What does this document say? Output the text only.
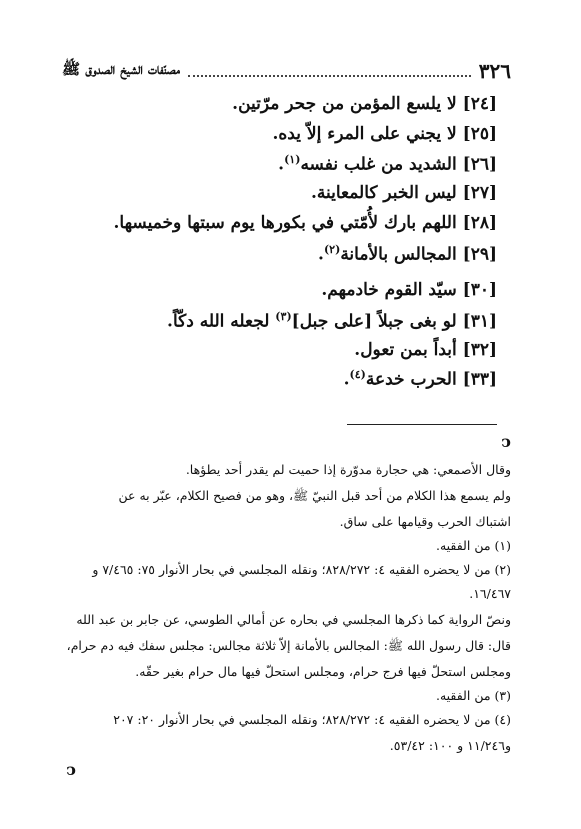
٣٢٦
مصنّفات الشيخ الصدوق ﷺ
[٢٤] لا يلسع المؤمن من جحر مرّتين.
[٢٥] لا يجني على المرء إلاّ يده.
[٢٦] الشديد من غلب نفسه$^{(١)}$.
[٢٧] ليس الخبر كالمعاينة.
[٢٨] اللهم بارك لأُمّتي في بكورها يوم سبتها وخميسها.
[٢٩] المجالس بالأمانة$^{(٢)}$.
[٣٠] سيّد القوم خادمهم.
[٣١] لو بغى جبلاً [على جبل]$^{(٣)}$ لجعله الله دكّاً.
[٣٢] أبداً بمن تعول.
[٣٣] الحرب خدعة$^{(٤)}$.
ↄ
وقال الأصمعي: هي حجارة مدوّرة إذا حميت لم يقدر أحد يطؤها.
ولم يسمع هذا الكلام من أحد قبل النبيّ ﷺ، وهو من فصيح الكلام، عبّر به عن
اشتباك الحرب وقيامها على ساق.
(١) من الفقيه.
(٢) من لا يحضره الفقيه ٤: ٨٢٨/٢٧٢؛ ونقله المجلسي في بحار الأنوار ٧٥: ٧/٤٦٥ و
١٦/٤٦٧.
ونصّ الرواية كما ذكرها المجلسي في بحاره عن أمالي الطوسي، عن جابر بن عبد الله
قال: قال رسول الله ﷺ: المجالس بالأمانة إلاّ ثلاثة مجالس: مجلس سفك فيه دم حرام،
ومجلس استحلّ فيها فرج حرام، ومجلس استحلّ فيها مال حرام بغير حقّه.
(٣) من الفقيه.
(٤) من لا يحضره الفقيه ٤: ٨٢٨/٢٧٢؛ ونقله المجلسي في بحار الأنوار ٢٠: ٢٠٧
و١١/٢٤٦ و ١٠٠: ٥٣/٤٢.
ↄ
